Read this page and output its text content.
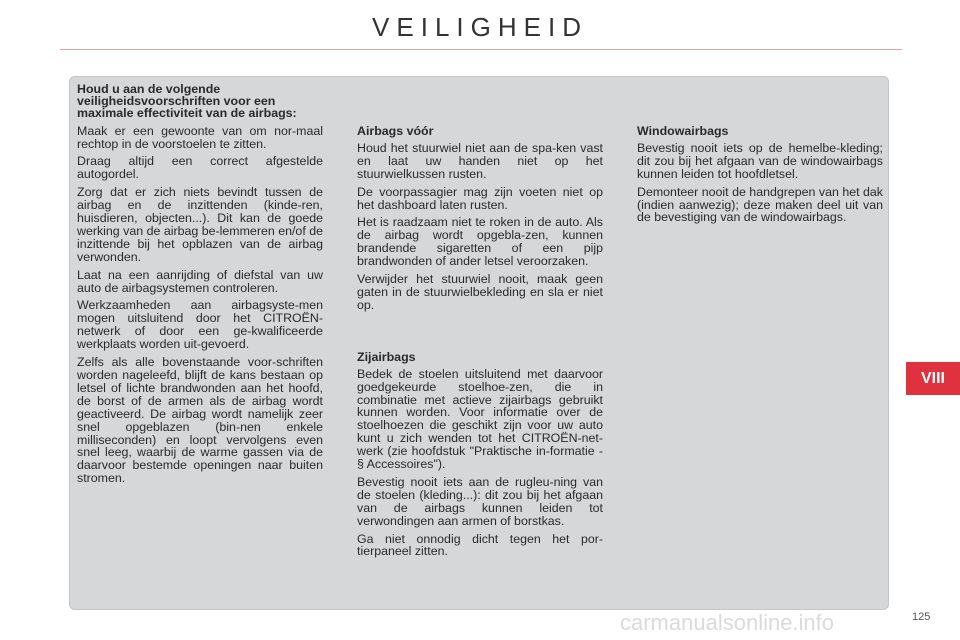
VEILIGHEID

Houd u aan de volgende veiligheidsvoorschriften voor een maximale effectiviteit van de airbags:

Maak er een gewoonte van om nor-maal rechtop in de voorstoelen te zitten.

Draag altijd een correct afgestelde autogordel.

Zorg dat er zich niets bevindt tussen de airbag en de inzittenden (kinde-ren, huisdieren, objecten...). Dit kan de goede werking van de airbag be-lemmeren en/of de inzittende bij het opblazen van de airbag verwonden.

Laat na een aanrijding of diefstal van uw auto de airbagsystemen controleren.

Werkzaamheden aan airbagsyste-men mogen uitsluitend door het CITROËN-netwerk of door een ge-kwalificeerde werkplaats worden uit-gevoerd.

Zelfs als alle bovenstaande voor-schriften worden nageleefd, blijft de kans bestaan op letsel of lichte brandwonden aan het hoofd, de borst of de armen als de airbag wordt geactiveerd. De airbag wordt namelijk zeer snel opgeblazen (bin-nen enkele milliseconden) en loopt vervolgens even snel leeg, waarbij de warme gassen via de daarvoor bestemde openingen naar buiten stromen.

Airbags vóór

Houd het stuurwiel niet aan de spa-ken vast en laat uw handen niet op het stuurwielkussen rusten.

De voorpassagier mag zijn voeten niet op het dashboard laten rusten.

Het is raadzaam niet te roken in de auto. Als de airbag wordt opgebla-zen, kunnen brandende sigaretten of een pijp brandwonden of ander letsel veroorzaken.

Verwijder het stuurwiel nooit, maak geen gaten in de stuurwielbekleding en sla er niet op.

Zijairbags

Bedek de stoelen uitsluitend met daarvoor goedgekeurde stoelhoe-zen, die in combinatie met actieve zijairbags gebruikt kunnen worden. Voor informatie over de stoelhoezen die geschikt zijn voor uw auto kunt u zich wenden tot het CITROËN-net-werk (zie hoofdstuk "Praktische in-formatie - § Accessoires").

Bevestig nooit iets aan de rugleu-ning van de stoelen (kleding...): dit zou bij het afgaan van de airbags kunnen leiden tot verwondingen aan armen of borstkas.

Ga niet onnodig dicht tegen het por-tierpaneel zitten.

Windowairbags

Bevestig nooit iets op de hemelbe-kleding; dit zou bij het afgaan van de windowairbags kunnen leiden tot hoofdletsel.

Demonteer nooit de handgrepen van het dak (indien aanwezig); deze maken deel uit van de bevestiging van de windowairbags.

VIII
carmanualsonline.info	125
